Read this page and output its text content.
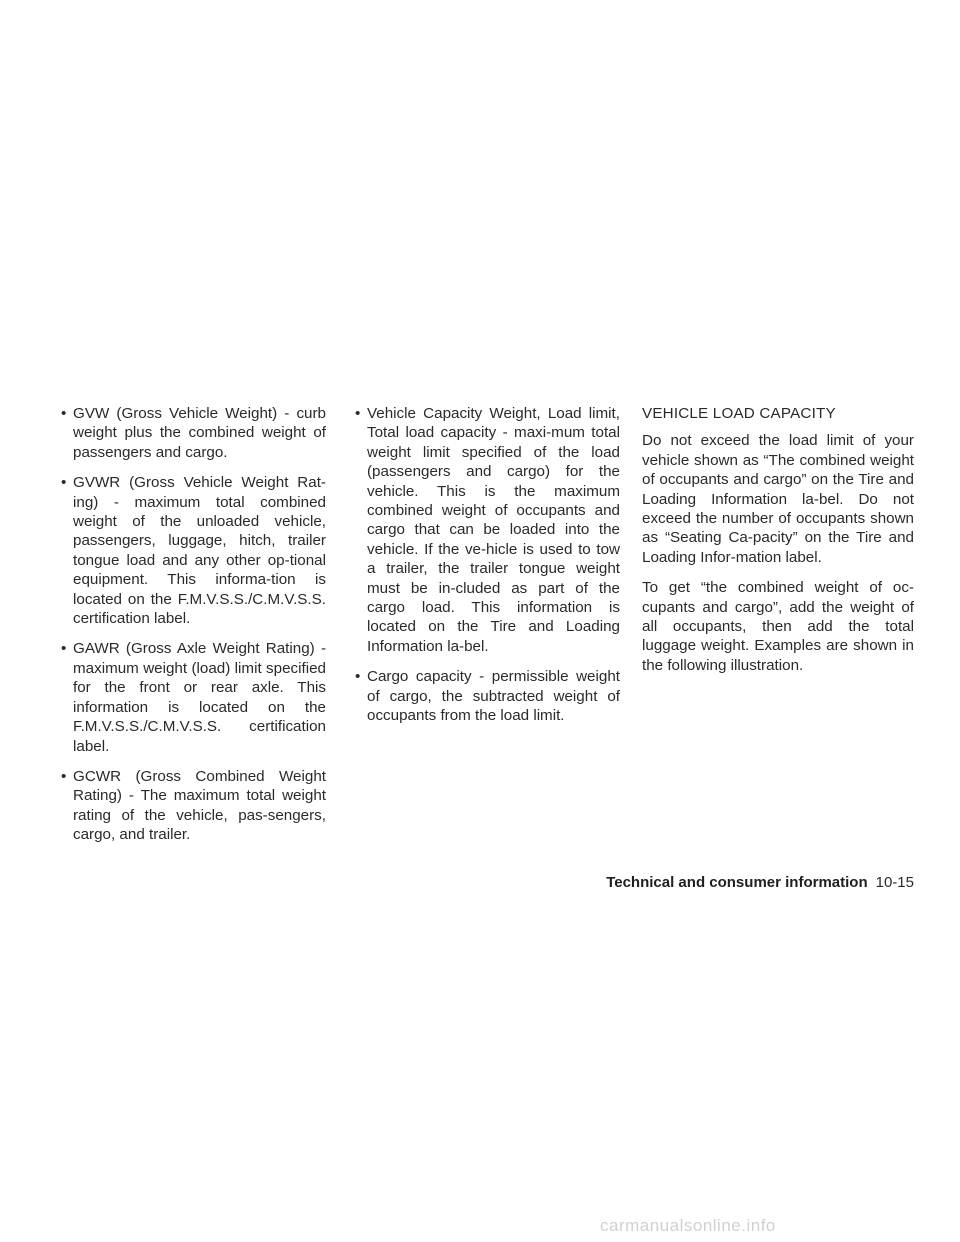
• GVW (Gross Vehicle Weight) - curb weight plus the combined weight of passengers and cargo.
• GVWR (Gross Vehicle Weight Rat-ing) - maximum total combined weight of the unloaded vehicle, passengers, luggage, hitch, trailer tongue load and any other op-tional equipment. This informa-tion is located on the F.M.V.S.S./C.M.V.S.S. certification label.
• GAWR (Gross Axle Weight Rating) - maximum weight (load) limit specified for the front or rear axle. This information is located on the F.M.V.S.S./C.M.V.S.S. certification label.
• GCWR (Gross Combined Weight Rating) - The maximum total weight rating of the vehicle, pas-sengers, cargo, and trailer.
• Vehicle Capacity Weight, Load limit, Total load capacity - maxi-mum total weight limit specified of the load (passengers and cargo) for the vehicle. This is the maximum combined weight of occupants and cargo that can be loaded into the vehicle. If the ve-hicle is used to tow a trailer, the trailer tongue weight must be in-cluded as part of the cargo load. This information is located on the Tire and Loading Information la-bel.
• Cargo capacity - permissible weight of cargo, the subtracted weight of occupants from the load limit.
VEHICLE LOAD CAPACITY

Do not exceed the load limit of your vehicle shown as “The combined weight of occupants and cargo” on the Tire and Loading Information la-bel. Do not exceed the number of occupants shown as “Seating Ca-pacity” on the Tire and Loading Infor-mation label.

To get “the combined weight of oc-cupants and cargo”, add the weight of all occupants, then add the total luggage weight. Examples are shown in the following illustration.

Technical and consumer information 10-15
carmanualsonline.info
